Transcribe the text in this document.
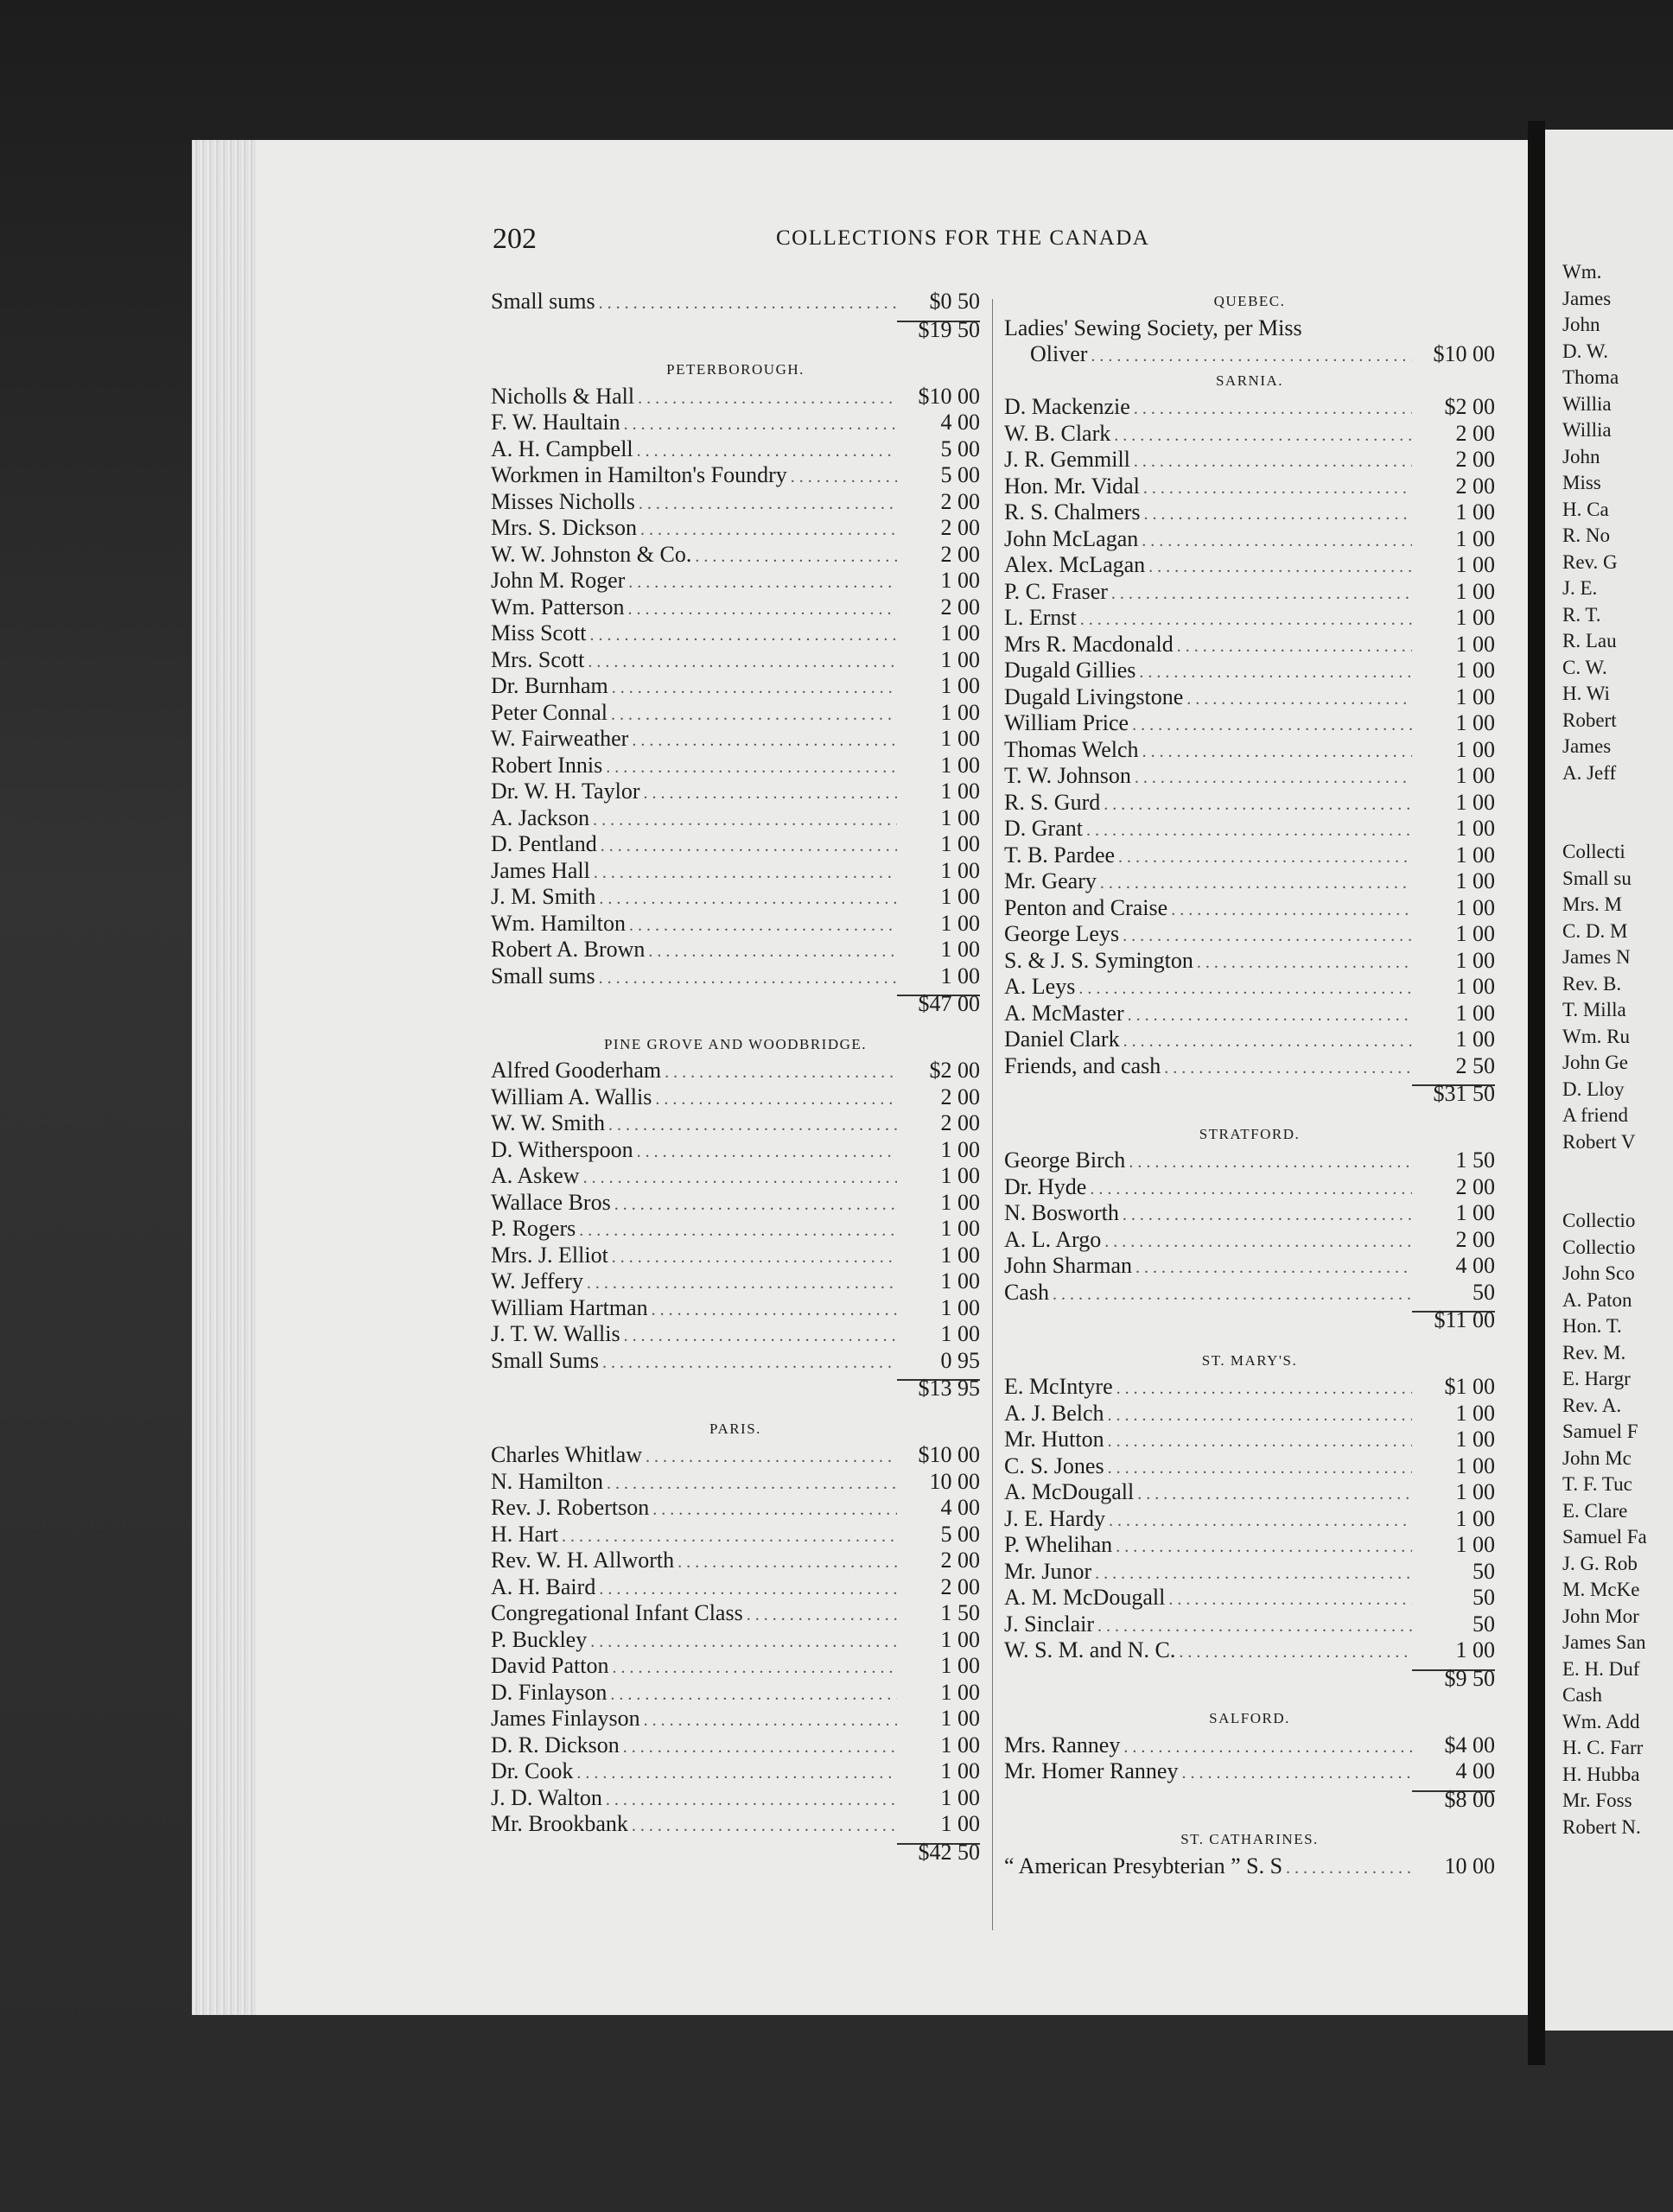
Wm.
James
John
D. W.
Thoma
Willia
Willia
John
Miss
H. Ca
R. No
Rev. G
J. E.
R. T.
R. Lau
C. W.
H. Wi
Robert
James
A. Jeff
Collecti
Small su
Mrs. M
C. D. M
James N
Rev. B.
T. Milla
Wm. Ru
John Ge
D. Lloy
A friend
Robert V
Collectio
Collectio
John Sco
A. Paton
Hon. T.
Rev. M.
E. Hargr
Rev. A.
Samuel F
John Mc
T. F. Tuc
E. Clare
Samuel Fa
J. G. Rob
M. McKe
John Mor
James San
E. H. Duf
Cash
Wm. Add
H. C. Farr
H. Hubba
Mr. Foss
Robert N.
202	COLLECTIONS FOR THE CANADA
Small sums . . .	$0 50
$19 50
PETERBOROUGH.
Nicholls & Hall . . .	$10 00
F. W. Haultain . . .	4 00
A. H. Campbell . . .	5 00
Workmen in Hamilton's Foundry . . .	5 00
Misses Nicholls . . .	2 00
Mrs. S. Dickson . . .	2 00
W. W. Johnston & Co. . . .	2 00
John M. Roger . . .	1 00
Wm. Patterson . . .	2 00
Miss Scott . . .	1 00
Mrs. Scott . . .	1 00
Dr. Burnham . . .	1 00
Peter Connal . . .	1 00
W. Fairweather . . .	1 00
Robert Innis . . .	1 00
Dr. W. H. Taylor . . .	1 00
A. Jackson . . .	1 00
D. Pentland . . .	1 00
James Hall . . .	1 00
J. M. Smith . . .	1 00
Wm. Hamilton . . .	1 00
Robert A. Brown . . .	1 00
Small sums . . .	1 00
$47 00
PINE GROVE AND WOODBRIDGE.
Alfred Gooderham . . .	$2 00
William A. Wallis . . .	2 00
W. W. Smith . . .	2 00
D. Witherspoon . . .	1 00
A. Askew . . .	1 00
Wallace Bros . . .	1 00
P. Rogers . . .	1 00
Mrs. J. Elliot . . .	1 00
W. Jeffery . . .	1 00
William Hartman . . .	1 00
J. T. W. Wallis . . .	1 00
Small Sums . . .	0 95
$13 95
PARIS.
Charles Whitlaw . . .	$10 00
N. Hamilton . . .	10 00
Rev. J. Robertson . . .	4 00
H. Hart . . .	5 00
Rev. W. H. Allworth . . .	2 00
A. H. Baird . . .	2 00
Congregational Infant Class . . .	1 50
P. Buckley . . .	1 00
David Patton . . .	1 00
D. Finlayson . . .	1 00
James Finlayson . . .	1 00
D. R. Dickson . . .	1 00
Dr. Cook . . .	1 00
J. D. Walton . . .	1 00
Mr. Brookbank . . .	1 00
$42 50
QUEBEC.
Ladies' Sewing Society, per Miss
Oliver . . .	$10 00
SARNIA.
D. Mackenzie . . .	$2 00
W. B. Clark . . .	2 00
J. R. Gemmill . . .	2 00
Hon. Mr. Vidal . . .	2 00
R. S. Chalmers . . .	1 00
John McLagan . . .	1 00
Alex. McLagan . . .	1 00
P. C. Fraser . . .	1 00
L. Ernst . . .	1 00
Mrs R. Macdonald . . .	1 00
Dugald Gillies . . .	1 00
Dugald Livingstone . . .	1 00
William Price . . .	1 00
Thomas Welch . . .	1 00
T. W. Johnson . . .	1 00
R. S. Gurd . . .	1 00
D. Grant . . .	1 00
T. B. Pardee . . .	1 00
Mr. Geary . . .	1 00
Penton and Craise . . .	1 00
George Leys . . .	1 00
S. & J. S. Symington . . .	1 00
A. Leys . . .	1 00
A. McMaster . . .	1 00
Daniel Clark . . .	1 00
Friends, and cash . . .	2 50
$31 50
STRATFORD.
George Birch . . .	1 50
Dr. Hyde . . .	2 00
N. Bosworth . . .	1 00
A. L. Argo . . .	2 00
John Sharman . . .	4 00
Cash . . .	50
$11 00
ST. MARY'S.
E. McIntyre . . .	$1 00
A. J. Belch . . .	1 00
Mr. Hutton . . .	1 00
C. S. Jones . . .	1 00
A. McDougall . . .	1 00
J. E. Hardy . . .	1 00
P. Whelihan . . .	1 00
Mr. Junor . . .	50
A. M. McDougall . . .	50
J. Sinclair . . .	50
W. S. M. and N. C. . . .	1 00
$9 50
SALFORD.
Mrs. Ranney . . .	$4 00
Mr. Homer Ranney . . .	4 00
$8 00
ST. CATHARINES.
“ American Presybterian ” S. S . . .	10 00
